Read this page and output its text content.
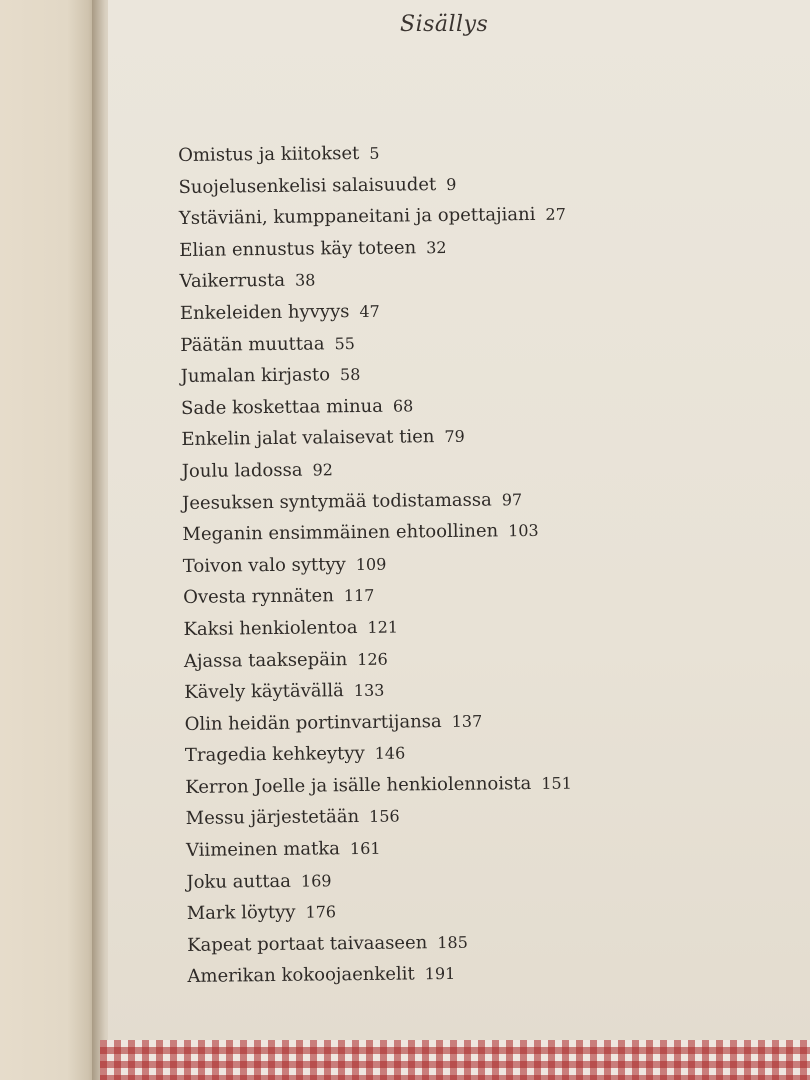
Sisällys
Omistus ja kiitokset 5
Suojelusenkelisi salaisuudet 9
Ystäviäni, kumppaneitani ja opettajiani 27
Elian ennustus käy toteen 32
Vaikerrusta 38
Enkeleiden hyvyys 47
Päätän muuttaa 55
Jumalan kirjasto 58
Sade koskettaa minua 68
Enkelin jalat valaisevat tien 79
Joulu ladossa 92
Jeesuksen syntymää todistamassa 97
Meganin ensimmäinen ehtoollinen 103
Toivon valo syttyy 109
Ovesta rynnäten 117
Kaksi henkiolentoa 121
Ajassa taaksepäin 126
Kävely käytävällä 133
Olin heidän portinvartijansa 137
Tragedia kehkeytyy 146
Kerron Joelle ja isälle henkiolennoista 151
Messu järjestetään 156
Viimeinen matka 161
Joku auttaa 169
Mark löytyy 176
Kapeat portaat taivaaseen 185
Amerikan kokoojaenkelit 191
